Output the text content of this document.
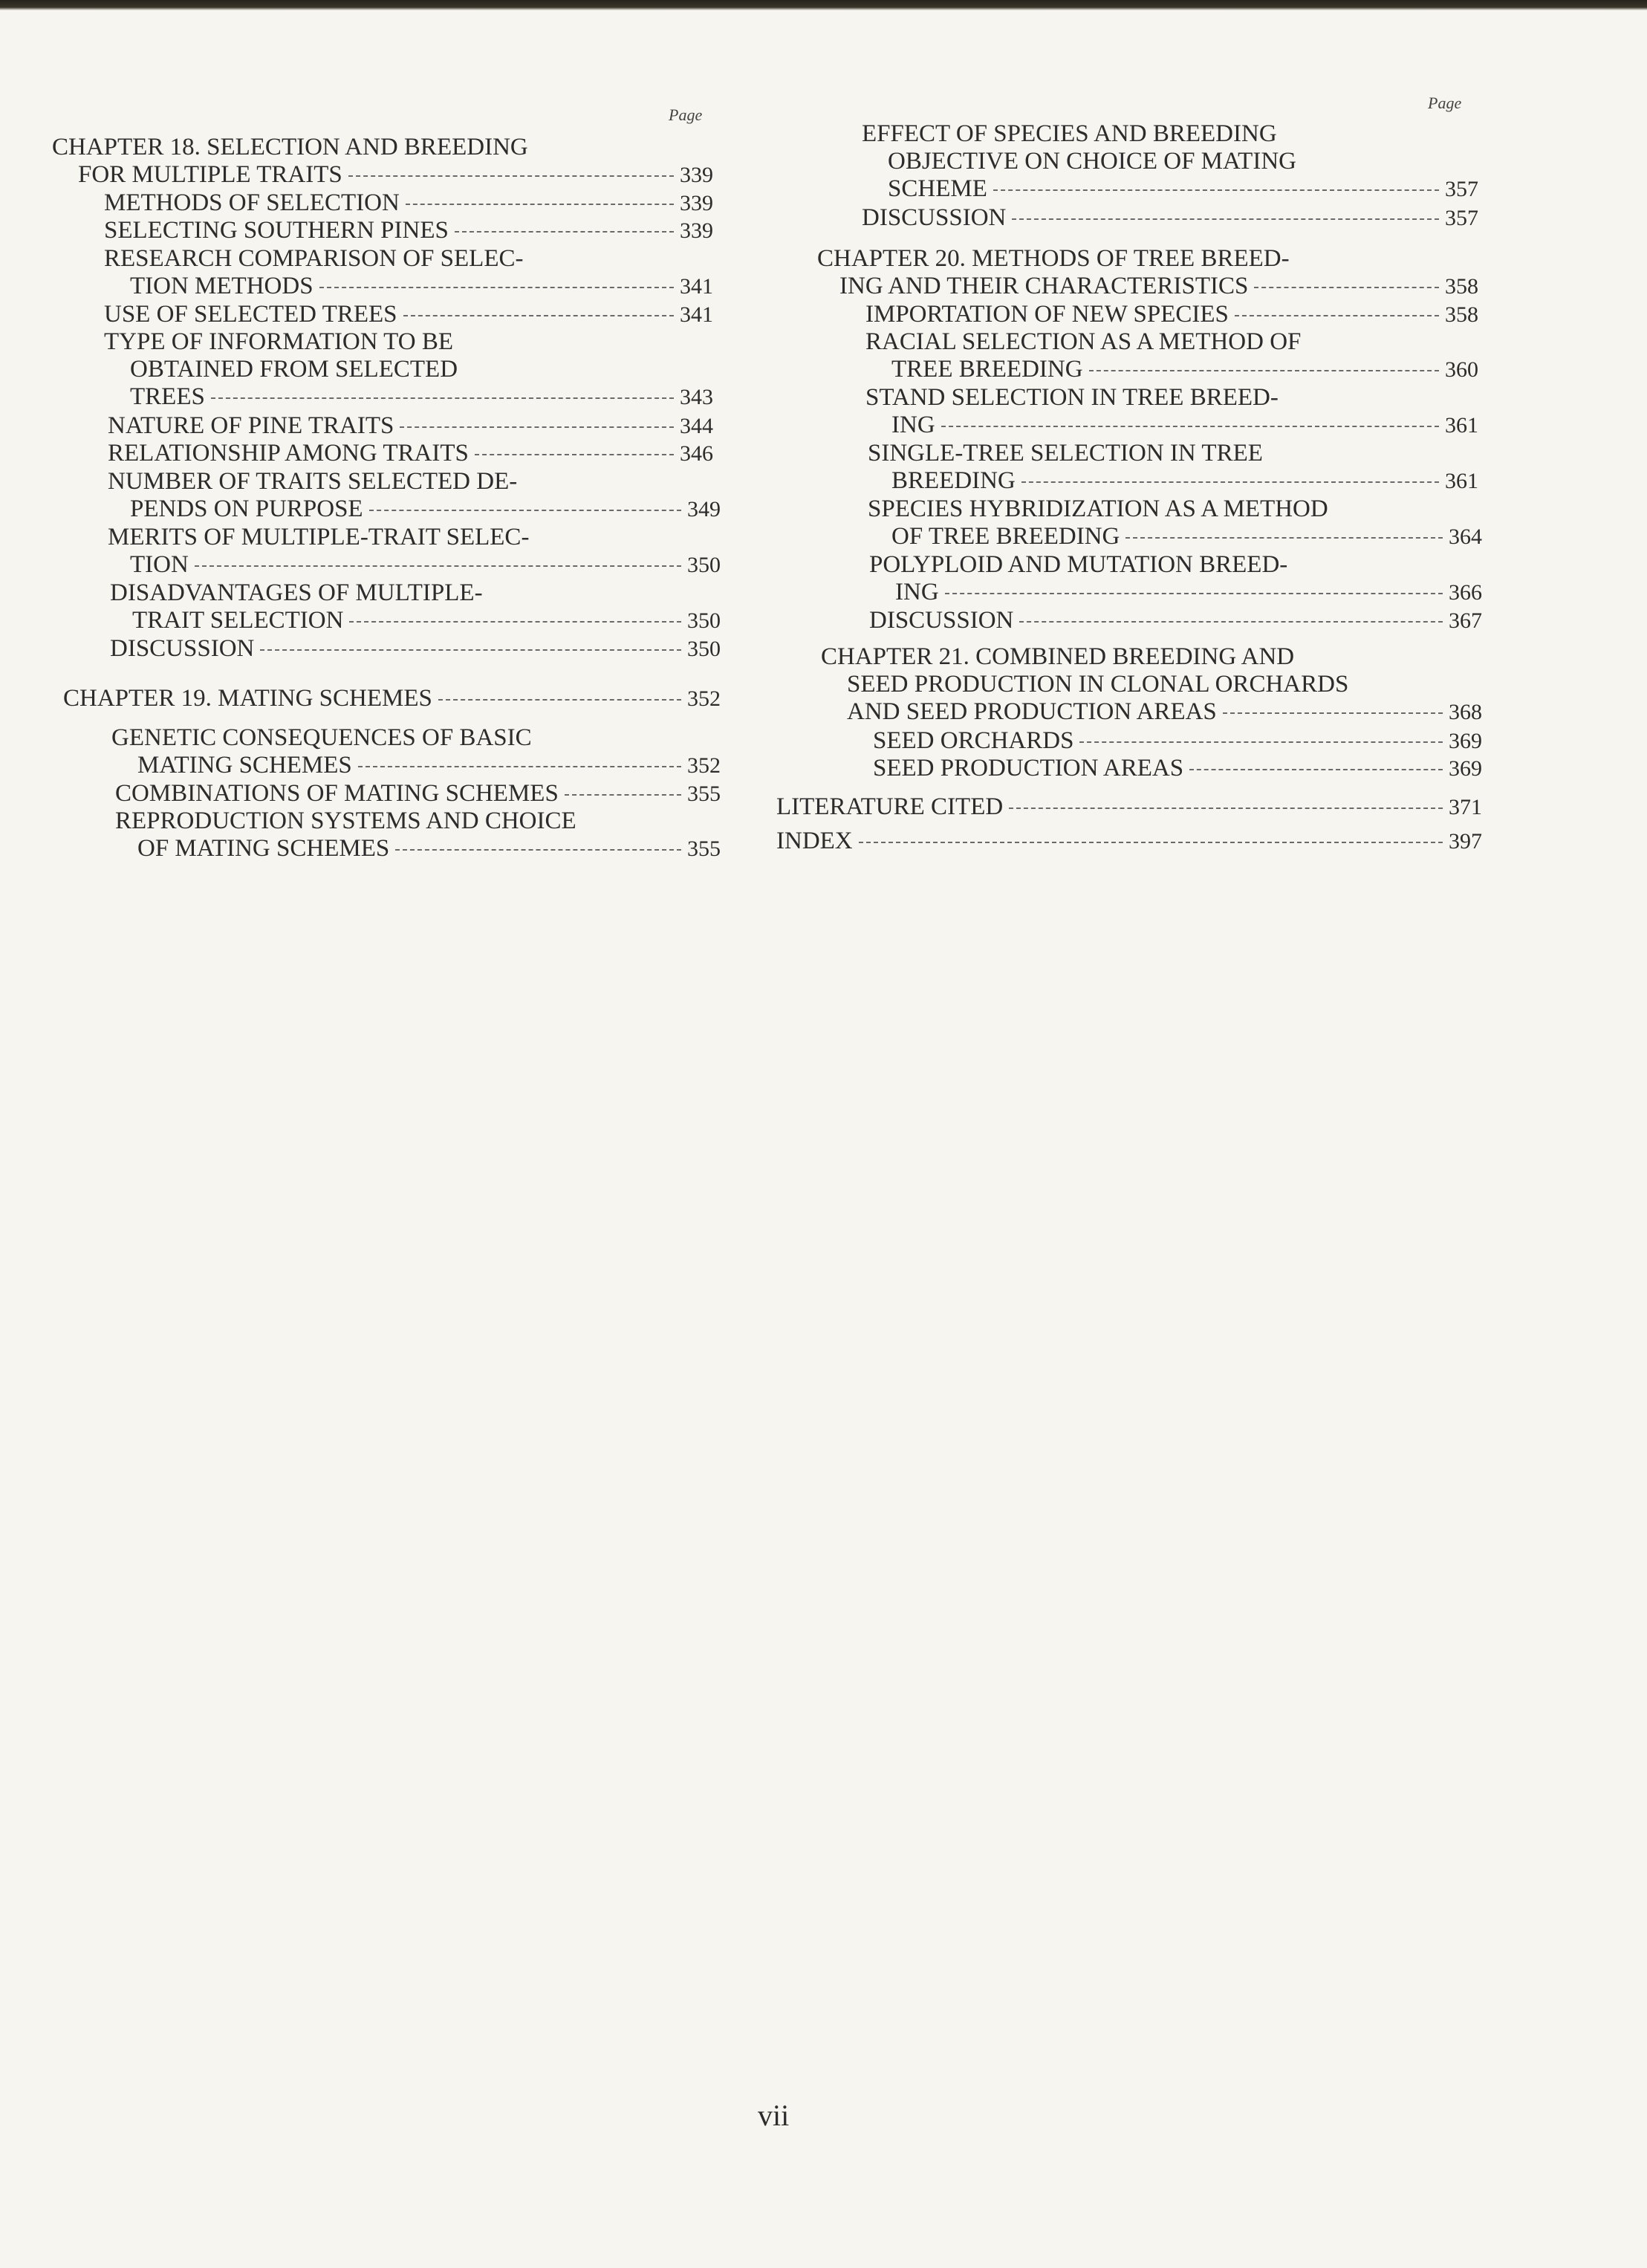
Page
CHAPTER 18. SELECTION AND BREEDING
FOR MULTIPLE TRAITS	339
METHODS OF SELECTION	339
SELECTING SOUTHERN PINES	339
RESEARCH COMPARISON OF SELEC-
TION METHODS	341
USE OF SELECTED TREES	341
TYPE OF INFORMATION TO BE
OBTAINED FROM SELECTED
TREES	343
NATURE OF PINE TRAITS	344
RELATIONSHIP AMONG TRAITS	346
NUMBER OF TRAITS SELECTED DE-
PENDS ON PURPOSE	349
MERITS OF MULTIPLE-TRAIT SELEC-
TION	350
DISADVANTAGES OF MULTIPLE-
TRAIT SELECTION	350
DISCUSSION	350
CHAPTER 19. MATING SCHEMES	352
GENETIC CONSEQUENCES OF BASIC
MATING SCHEMES	352
COMBINATIONS OF MATING SCHEMES	355
REPRODUCTION SYSTEMS AND CHOICE
OF MATING SCHEMES	355
Page
EFFECT OF SPECIES AND BREEDING
OBJECTIVE ON CHOICE OF MATING
SCHEME	357
DISCUSSION	357
CHAPTER 20. METHODS OF TREE BREED-
ING AND THEIR CHARACTERISTICS	358
IMPORTATION OF NEW SPECIES	358
RACIAL SELECTION AS A METHOD OF
TREE BREEDING	360
STAND SELECTION IN TREE BREED-
ING	361
SINGLE-TREE SELECTION IN TREE
BREEDING	361
SPECIES HYBRIDIZATION AS A METHOD
OF TREE BREEDING	364
POLYPLOID AND MUTATION BREED-
ING	366
DISCUSSION	367
CHAPTER 21. COMBINED BREEDING AND
SEED PRODUCTION IN CLONAL ORCHARDS
AND SEED PRODUCTION AREAS	368
SEED ORCHARDS	369
SEED PRODUCTION AREAS	369
LITERATURE CITED	371
INDEX	397
vii
